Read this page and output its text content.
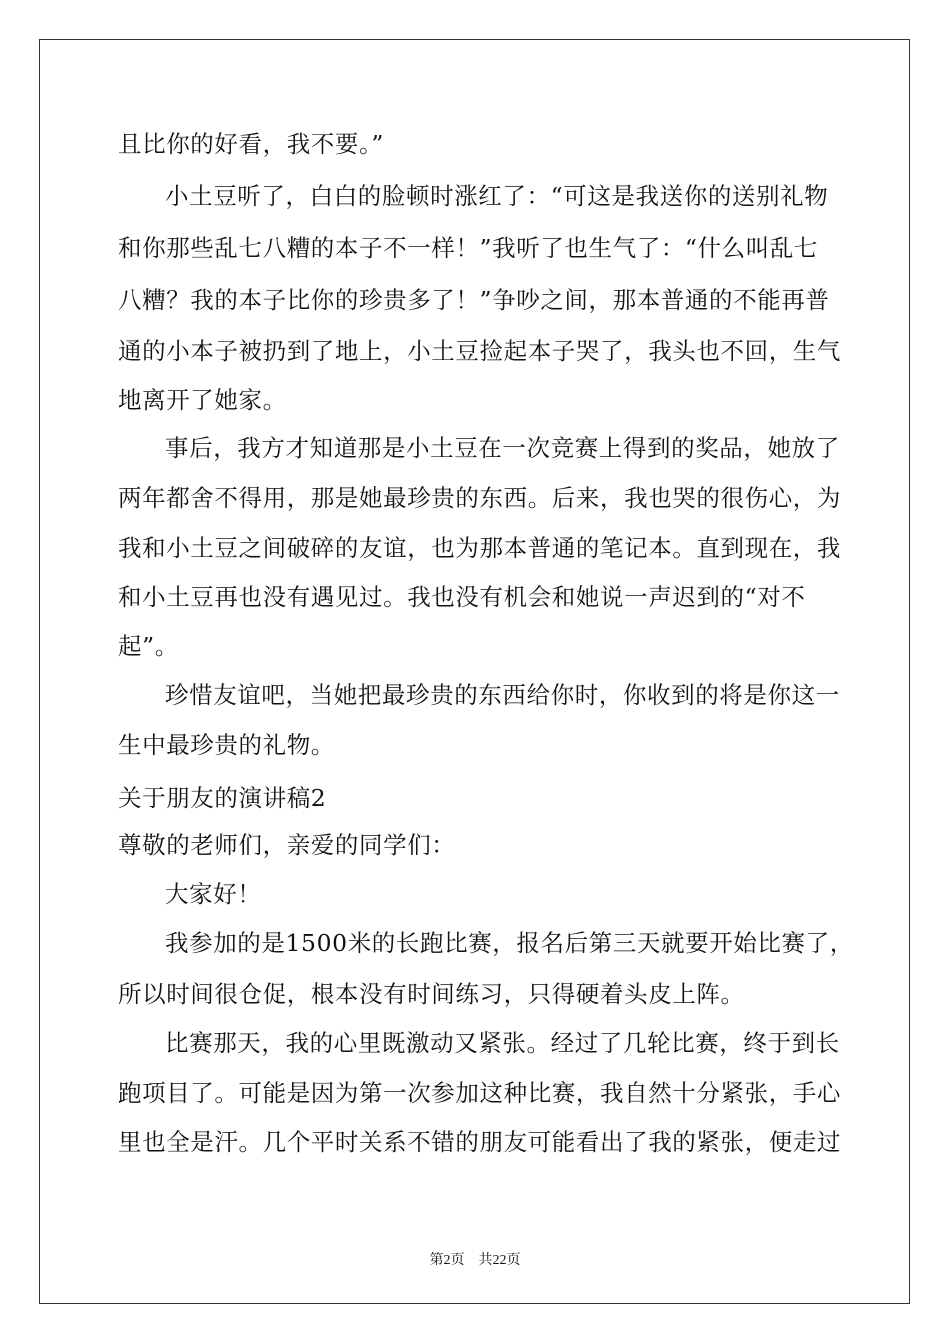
且比你的好看，我不要。”
小土豆听了，白白的脸顿时涨红了：“可这是我送你的送别礼物
和你那些乱七八糟的本子不一样！”我听了也生气了：“什么叫乱七
八糟？我的本子比你的珍贵多了！”争吵之间，那本普通的不能再普
通的小本子被扔到了地上，小土豆捡起本子哭了，我头也不回，生气
地离开了她家。
事后，我方才知道那是小土豆在一次竞赛上得到的奖品，她放了
两年都舍不得用，那是她最珍贵的东西。后来，我也哭的很伤心，为
我和小土豆之间破碎的友谊，也为那本普通的笔记本。直到现在，我
和小土豆再也没有遇见过。我也没有机会和她说一声迟到的“对不
起”。
珍惜友谊吧，当她把最珍贵的东西给你时，你收到的将是你这一
生中最珍贵的礼物。
关于朋友的演讲稿2
尊敬的老师们，亲爱的同学们：
大家好！
我参加的是1500米的长跑比赛，报名后第三天就要开始比赛了，
所以时间很仓促，根本没有时间练习，只得硬着头皮上阵。
比赛那天，我的心里既激动又紧张。经过了几轮比赛，终于到长
跑项目了。可能是因为第一次参加这种比赛，我自然十分紧张，手心
里也全是汗。几个平时关系不错的朋友可能看出了我的紧张，便走过
第2页 共22页
